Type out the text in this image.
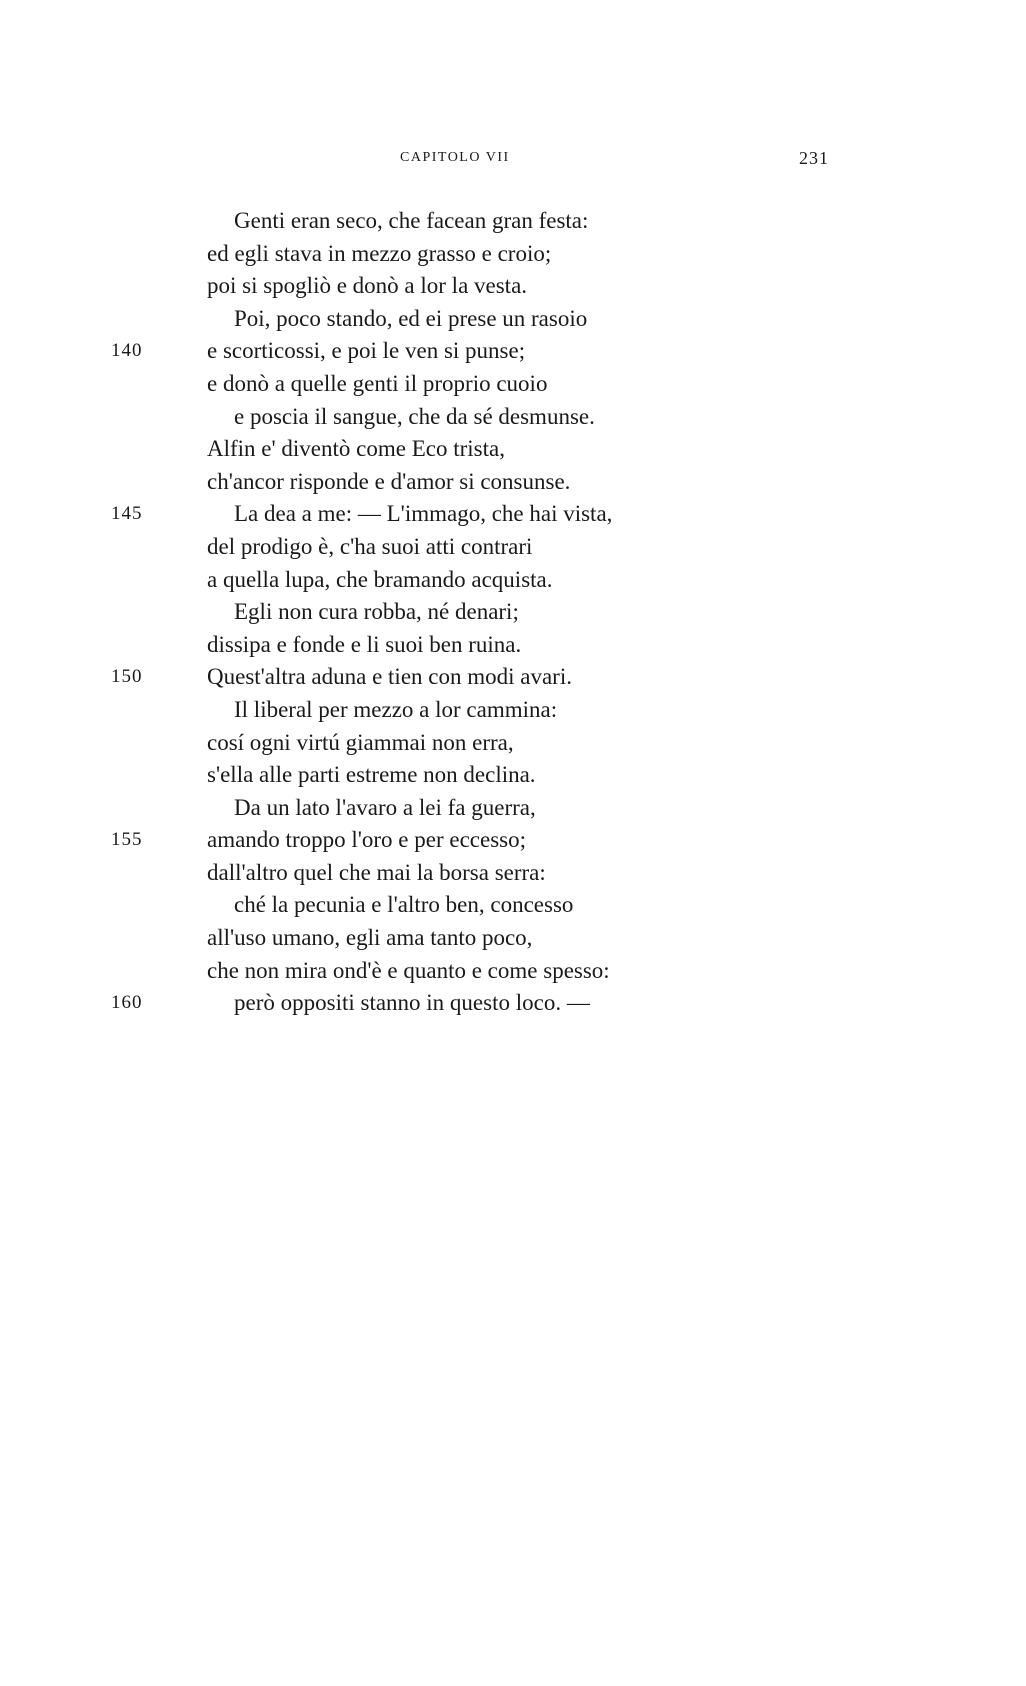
CAPITOLO VII	231
Genti eran seco, che facean gran festa:
ed egli stava in mezzo grasso e croio;
poi si spogliò e donò a lor la vesta.
Poi, poco stando, ed ei prese un rasoio
140	e scorticossi, e poi le ven si punse;
e donò a quelle genti il proprio cuoio
e poscia il sangue, che da sé desmunse.
Alfin e' diventò come Eco trista,
ch'ancor risponde e d'amor si consunse.
145	La dea a me: — L'immago, che hai vista,
del prodigo è, c'ha suoi atti contrari
a quella lupa, che bramando acquista.
Egli non cura robba, né denari;
dissipa e fonde e li suoi ben ruina.
150	Quest'altra aduna e tien con modi avari.
Il liberal per mezzo a lor cammina:
cosí ogni virtú giammai non erra,
s'ella alle parti estreme non declina.
Da un lato l'avaro a lei fa guerra,
155	amando troppo l'oro e per eccesso;
dall'altro quel che mai la borsa serra:
ché la pecunia e l'altro ben, concesso
all'uso umano, egli ama tanto poco,
che non mira ond'è e quanto e come spesso:
160	però oppositi stanno in questo loco. —
